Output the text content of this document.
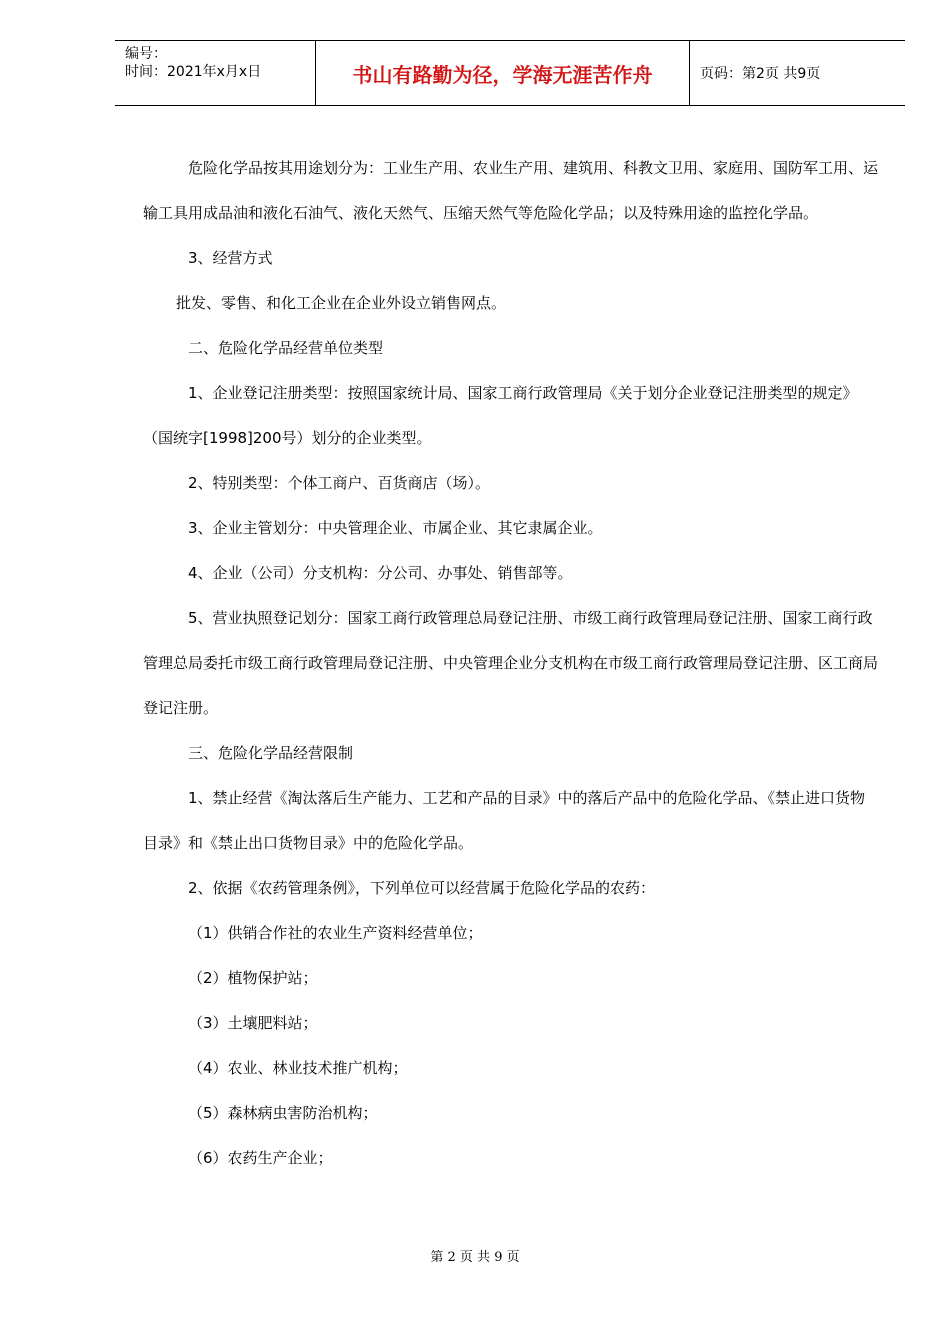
编号：
时间：2021年x月x日	书山有路勤为径，学海无涯苦作舟	页码：第2页 共9页

危险化学品按其用途划分为：工业生产用、农业生产用、建筑用、科教文卫用、家庭用、国防军工用、运输工具用成品油和液化石油气、液化天然气、压缩天然气等危险化学品；以及特殊用途的监控化学品。

3、经营方式

批发、零售、和化工企业在企业外设立销售网点。

二、危险化学品经营单位类型

1、企业登记注册类型：按照国家统计局、国家工商行政管理局《关于划分企业登记注册类型的规定》（国统字[1998]200号）划分的企业类型。

2、特别类型：个体工商户、百货商店（场）。

3、企业主管划分：中央管理企业、市属企业、其它隶属企业。

4、企业（公司）分支机构：分公司、办事处、销售部等。

5、营业执照登记划分：国家工商行政管理总局登记注册、市级工商行政管理局登记注册、国家工商行政管理总局委托市级工商行政管理局登记注册、中央管理企业分支机构在市级工商行政管理局登记注册、区工商局登记注册。

三、危险化学品经营限制

1、禁止经营《淘汰落后生产能力、工艺和产品的目录》中的落后产品中的危险化学品、《禁止进口货物目录》和《禁止出口货物目录》中的危险化学品。

2、依据《农药管理条例》，下列单位可以经营属于危险化学品的农药：

（1）供销合作社的农业生产资料经营单位；

（2）植物保护站；

（3）土壤肥料站；

（4）农业、林业技术推广机构；

（5）森林病虫害防治机构；

（6）农药生产企业；

第 2 页 共 9 页
